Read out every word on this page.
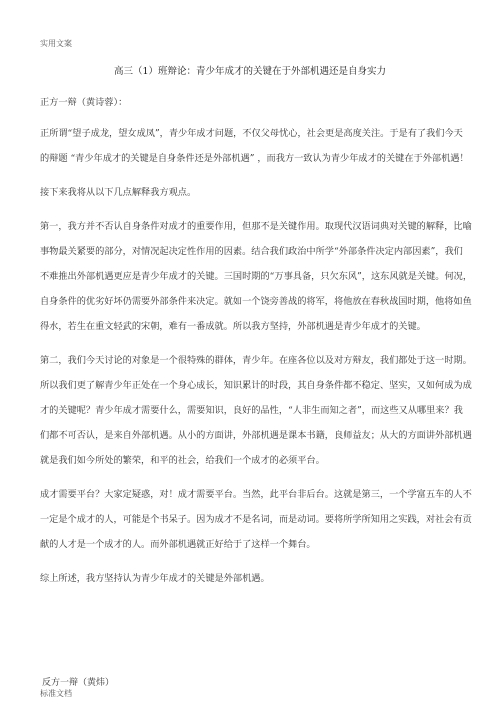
实用文案
高三（1）班辩论：青少年成才的关键在于外部机遇还是自身实力
正方一辩（黄诗蓉）：
正所谓“望子成龙，望女成凤”，青少年成才问题，不仅父母忧心，社会更是高度关注。于是有了我们今天
的辩题 “青少年成才的关键是自身条件还是外部机遇” ，而我方一致认为青少年成才的关键在于外部机遇！
接下来我将从以下几点解释我方观点。
第一，我方并不否认自身条件对成才的重要作用，但那不是关键作用。取现代汉语词典对关键的解释，比喻
事物最关紧要的部分，对情况起决定性作用的因素。结合我们政治中所学“外部条件决定内部因素”，我们
不难推出外部机遇更应是青少年成才的关键。三国时期的“万事具备，只欠东风”，这东风就是关键。何况，
自身条件的优劣好坏仍需要外部条件来决定。就如一个饶旁善战的将军，将他放在春秋战国时期，他将如鱼
得水，若生在重文轻武的宋朝，难有一番成就。所以我方坚持，外部机遇是青少年成才的关键。
第二，我们今天讨论的对象是一个很特殊的群体，青少年。在座各位以及对方辩友，我们都处于这一时期。
所以我们更了解青少年正处在一个身心成长，知识累计的时段，其自身条件都不稳定、坚实，又如何成为成
才的关键呢？青少年成才需要什么，需要知识，良好的品性，“人非生而知之者”，而这些又从哪里来？我
们都不可否认，是来自外部机遇。从小的方面讲，外部机遇是课本书籍，良师益友；从大的方面讲外部机遇
就是我们如今所处的繁荣，和平的社会，给我们一个成才的必须平台。
成才需要平台？大家定疑惑，对！成才需要平台。当然，此平台非后台。这就是第三，一个学富五车的人不
一定是个成才的人，可能是个书呆子。因为成才不是名词，而是动词。要将所学所知用之实践，对社会有贡
献的人才是一个成才的人。而外部机遇就正好给于了这样一个舞台。
综上所述，我方坚持认为青少年成才的关键是外部机遇。
反方一辩（黄炜）
标准文档
